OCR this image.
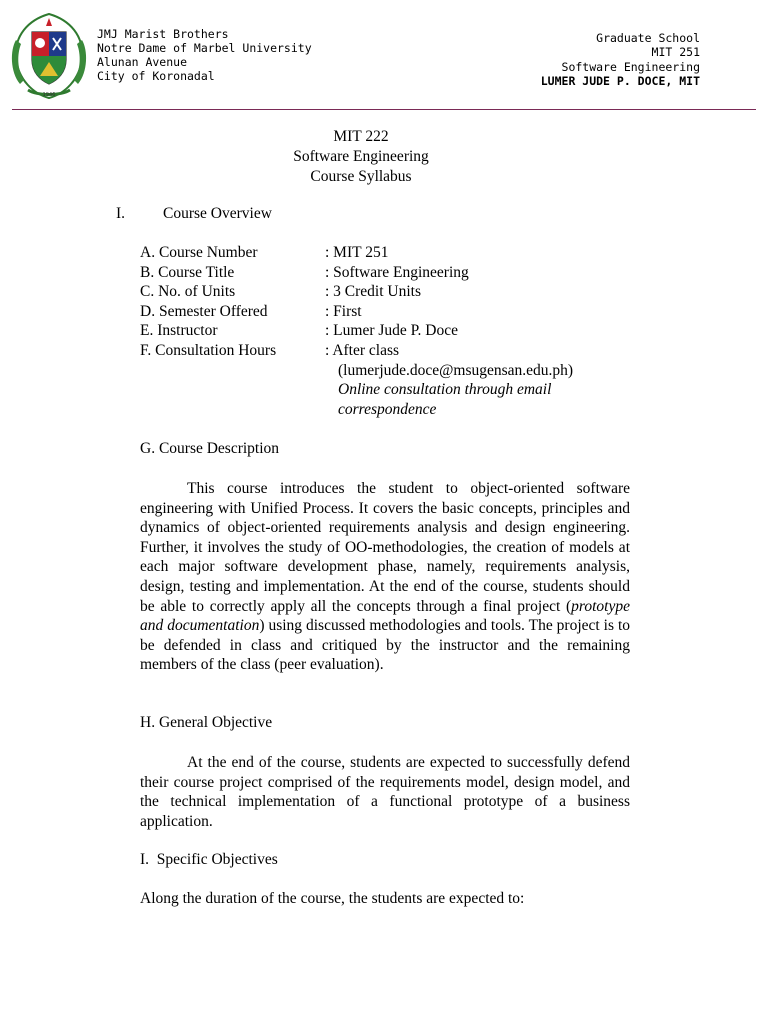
1946
JMJ Marist Brothers
Notre Dame of Marbel University
Alunan Avenue
City of Koronadal
Graduate School
MIT 251
Software Engineering
LUMER JUDE P. DOCE, MIT
MIT 222
Software Engineering
Course Syllabus
I. Course Overview
A. Course Number	: MIT 251
B. Course Title	: Software Engineering
C. No. of Units	: 3 Credit Units
D. Semester Offered	: First
E. Instructor	: Lumer Jude P. Doce
F. Consultation Hours	: After class
(lumerjude.doce@msugensan.edu.ph)
Online consultation through email
correspondence
G. Course Description

This course introduces the student to object-oriented software engineering with Unified Process. It covers the basic concepts, principles and dynamics of object-oriented requirements analysis and design engineering. Further, it involves the study of OO-methodologies, the creation of models at each major software development phase, namely, requirements analysis, design, testing and implementation. At the end of the course, students should be able to correctly apply all the concepts through a final project (prototype and documentation) using discussed methodologies and tools. The project is to be defended in class and critiqued by the instructor and the remaining members of the class (peer evaluation).

H. General Objective

At the end of the course, students are expected to successfully defend their course project comprised of the requirements model, design model, and the technical implementation of a functional prototype of a business application.

I.  Specific Objectives
Along the duration of the course, the students are expected to:
